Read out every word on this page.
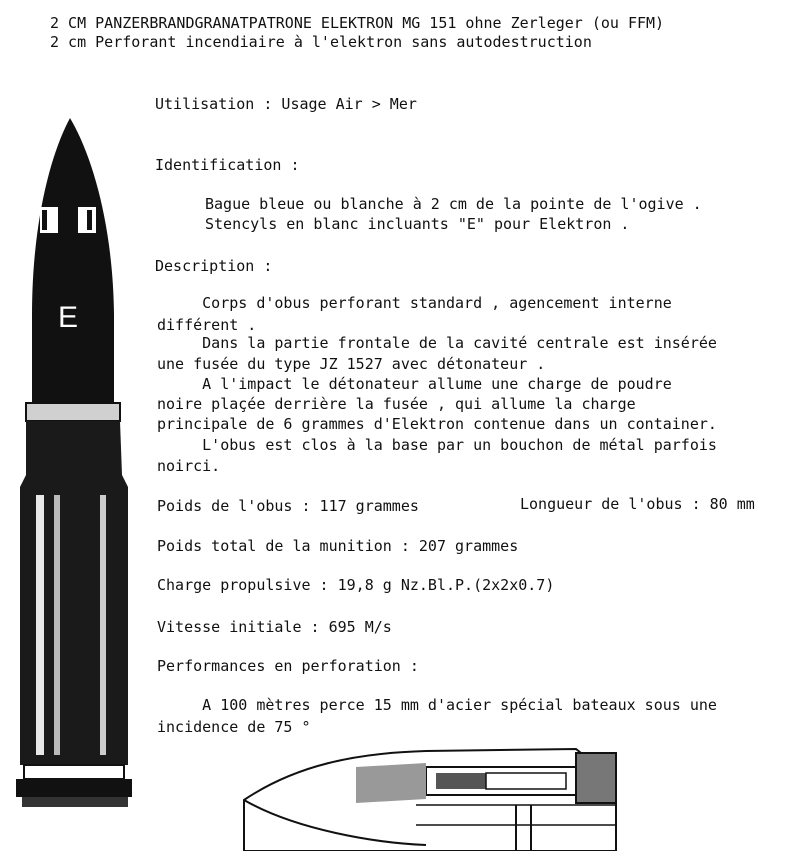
2 CM PANZERBRANDGRANATPATRONE ELEKTRON MG 151 ohne Zerleger (ou FFM)
2 cm Perforant incendiaire à l'elektron sans autodestruction
Utilisation : Usage Air > Mer
Identification :
Bague bleue ou blanche à 2 cm de la pointe de l'ogive .
Stencyls en blanc incluants "E" pour Elektron .
Description :
Corps d'obus perforant standard , agencement interne
différent .
Dans la partie frontale de la cavité centrale est insérée
une fusée du type JZ 1527 avec détonateur .
A l'impact le détonateur allume une charge de poudre
noire plaçée derrière la fusée , qui allume la charge
principale de 6 grammes d'Elektron contenue dans un container.
L'obus est clos à la base par un bouchon de métal parfois
noirci.
Poids de l'obus : 117 grammes	Longueur de l'obus : 80 mm
Poids total de la munition : 207 grammes
Charge propulsive : 19,8 g Nz.Bl.P.(2x2x0.7)
Vitesse initiale : 695 M/s
Performances en perforation :
A 100 mètres perce 15 mm d'acier spécial bateaux sous une
incidence de 75 °
E
